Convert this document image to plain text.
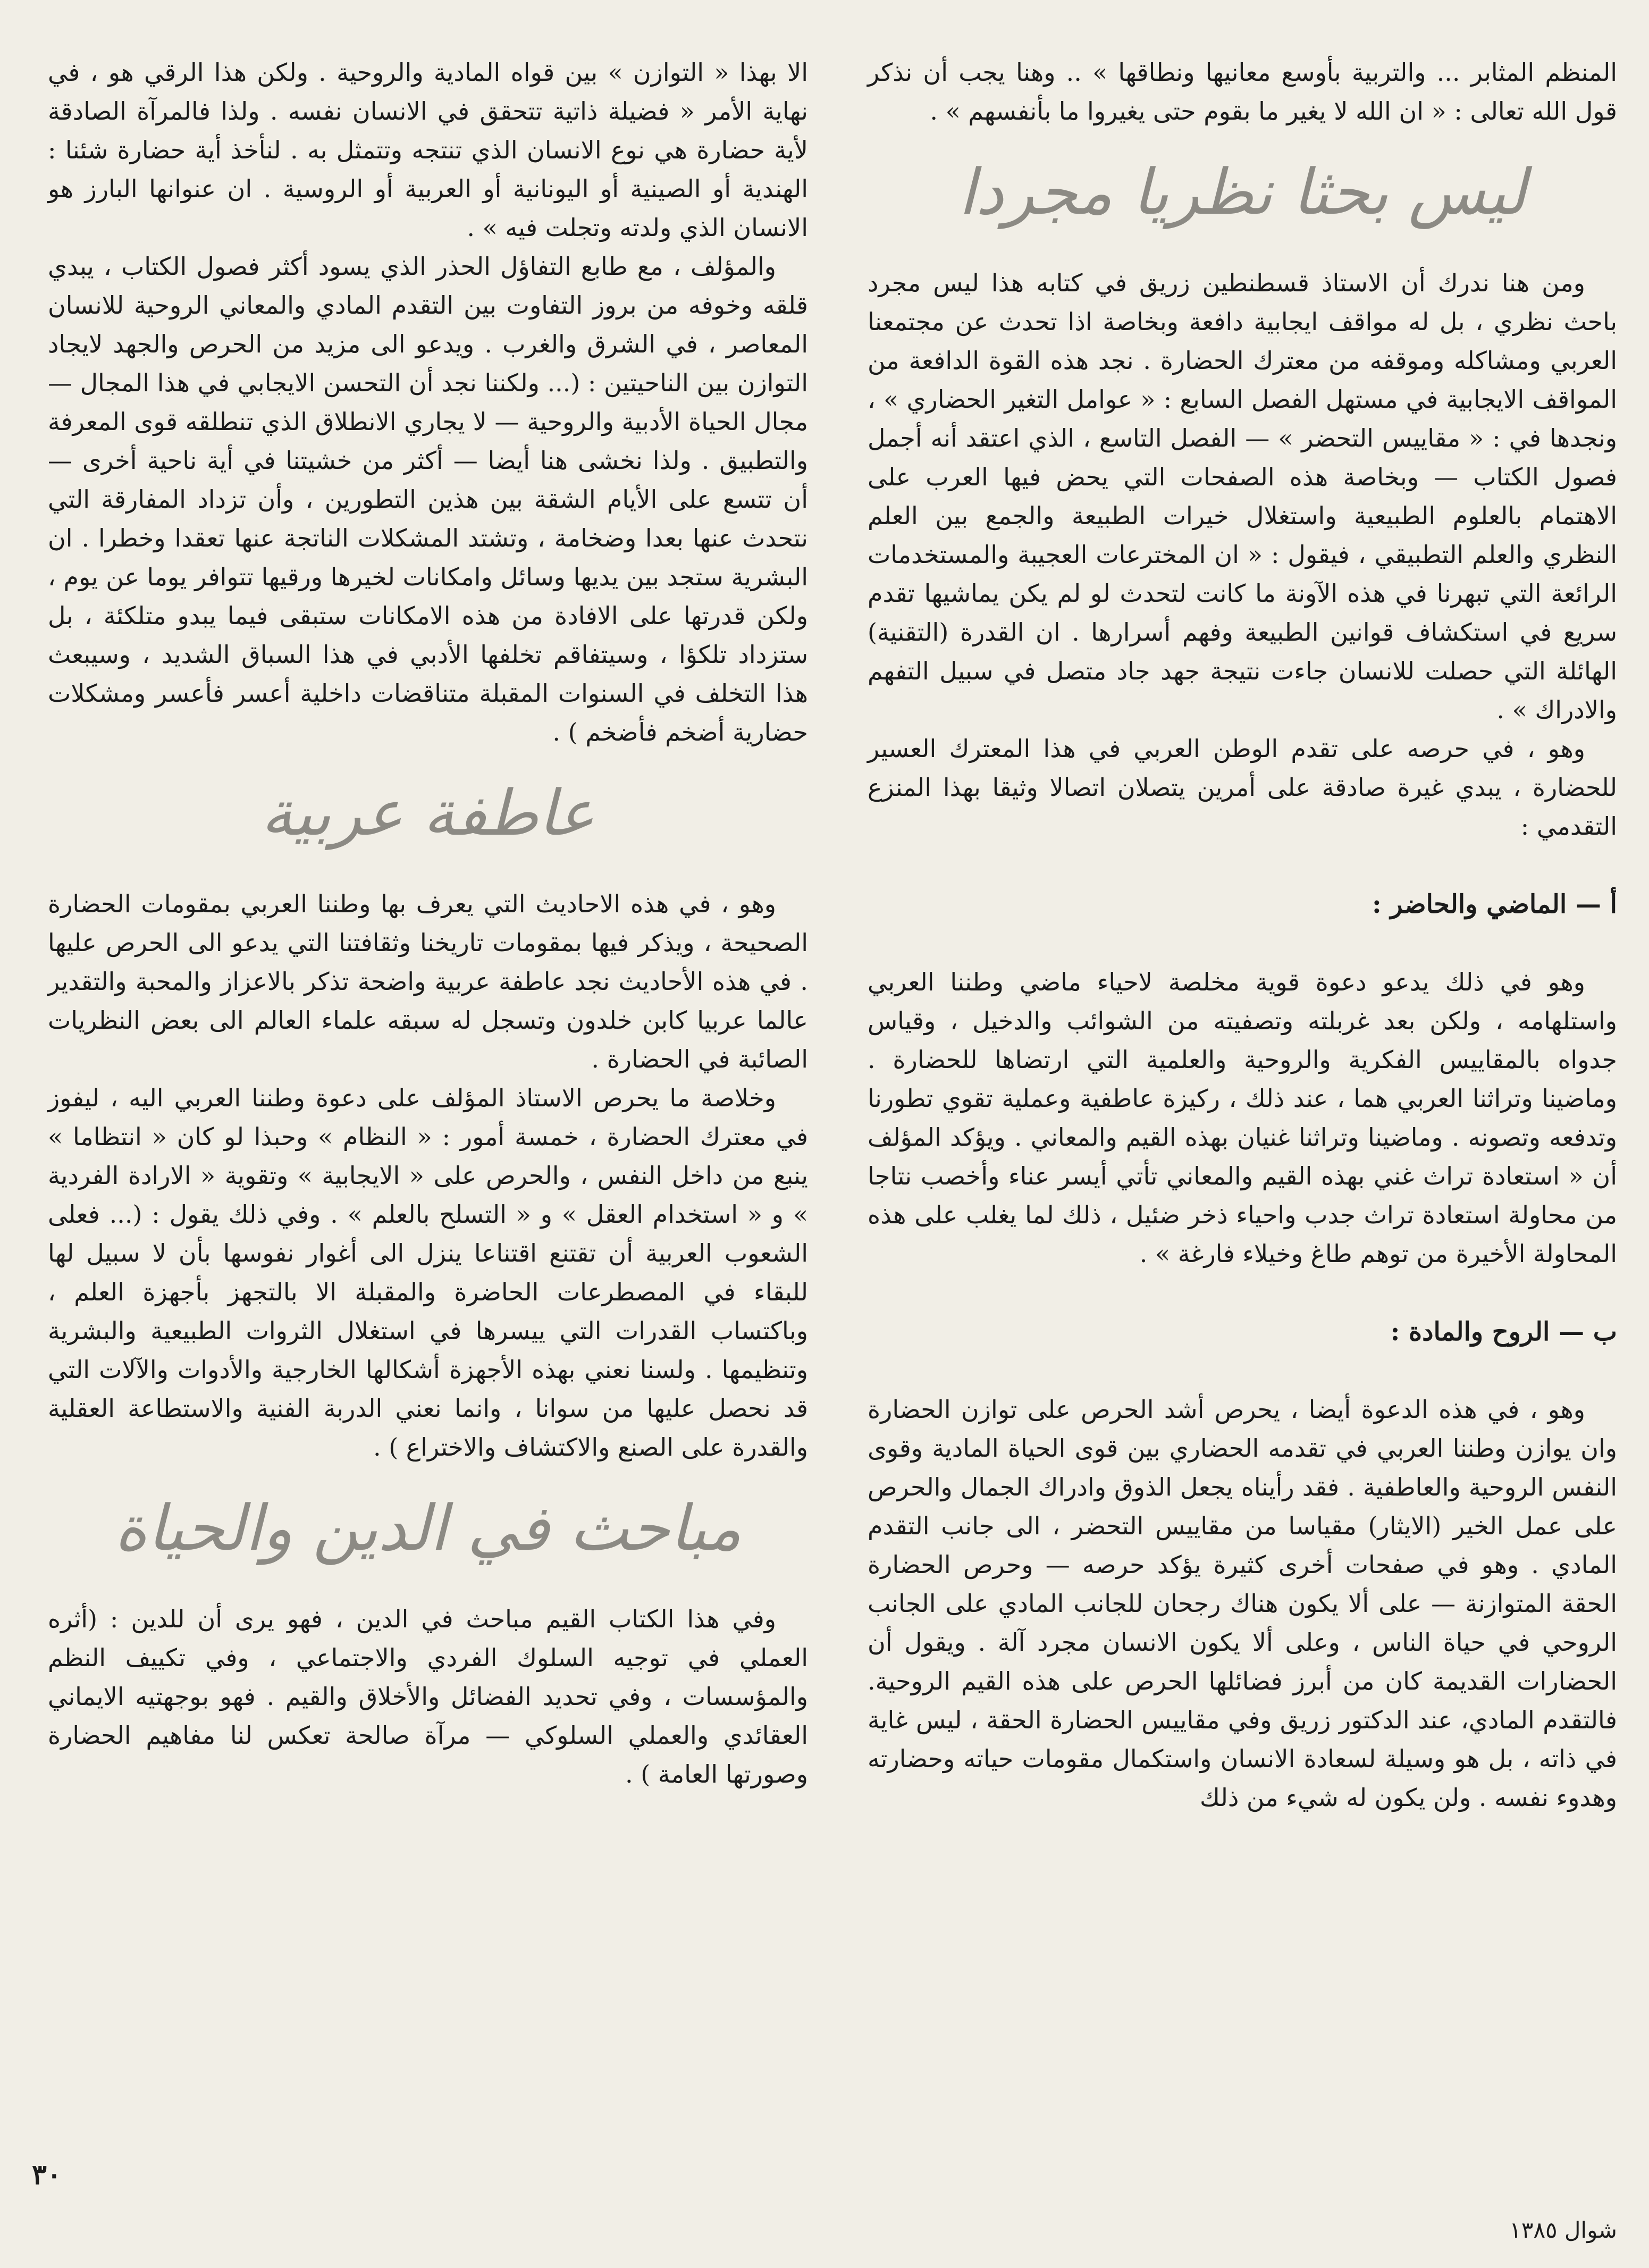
المنظم المثابر ... والتربية بأوسع معانيها ونطاقها » .. وهنا يجب أن نذكر قول الله تعالى : « ان الله لا يغير ما بقوم حتى يغيروا ما بأنفسهم » .

ليس بحثا نظريا مجردا

ومن هنا ندرك أن الاستاذ قسطنطين زريق في كتابه هذا ليس مجرد باحث نظري ، بل له مواقف ايجابية دافعة وبخاصة اذا تحدث عن مجتمعنا العربي ومشاكله وموقفه من معترك الحضارة . نجد هذه القوة الدافعة من المواقف الايجابية في مستهل الفصل السابع : « عوامل التغير الحضاري » ، ونجدها في : « مقاييس التحضر » — الفصل التاسع ، الذي اعتقد أنه أجمل فصول الكتاب — وبخاصة هذه الصفحات التي يحض فيها العرب على الاهتمام بالعلوم الطبيعية واستغلال خيرات الطبيعة والجمع بين العلم النظري والعلم التطبيقي ، فيقول : « ان المخترعات العجيبة والمستخدمات الرائعة التي تبهرنا في هذه الآونة ما كانت لتحدث لو لم يكن يماشيها تقدم سريع في استكشاف قوانين الطبيعة وفهم أسرارها . ان القدرة (التقنية) الهائلة التي حصلت للانسان جاءت نتيجة جهد جاد متصل في سبيل التفهم والادراك » .

وهو ، في حرصه على تقدم الوطن العربي في هذا المعترك العسير للحضارة ، يبدي غيرة صادقة على أمرين يتصلان اتصالا وثيقا بهذا المنزع التقدمي :

أ — الماضي والحاضر :

وهو في ذلك يدعو دعوة قوية مخلصة لاحياء ماضي وطننا العربي واستلهامه ، ولكن بعد غربلته وتصفيته من الشوائب والدخيل ، وقياس جدواه بالمقاييس الفكرية والروحية والعلمية التي ارتضاها للحضارة . وماضينا وتراثنا العربي هما ، عند ذلك ، ركيزة عاطفية وعملية تقوي تطورنا وتدفعه وتصونه . وماضينا وتراثنا غنيان بهذه القيم والمعاني . ويؤكد المؤلف أن « استعادة تراث غني بهذه القيم والمعاني تأتي أيسر عناء وأخصب نتاجا من محاولة استعادة تراث جدب واحياء ذخر ضئيل ، ذلك لما يغلب على هذه المحاولة الأخيرة من توهم طاغ وخيلاء فارغة » .

ب — الروح والمادة :

وهو ، في هذه الدعوة أيضا ، يحرص أشد الحرص على توازن الحضارة وان يوازن وطننا العربي في تقدمه الحضاري بين قوى الحياة المادية وقوى النفس الروحية والعاطفية . فقد رأيناه يجعل الذوق وادراك الجمال والحرص على عمل الخير (الايثار) مقياسا من مقاييس التحضر ، الى جانب التقدم المادي . وهو في صفحات أخرى كثيرة يؤكد حرصه — وحرص الحضارة الحقة المتوازنة — على ألا يكون هناك رجحان للجانب المادي على الجانب الروحي في حياة الناس ، وعلى ألا يكون الانسان مجرد آلة . ويقول أن الحضارات القديمة كان من أبرز فضائلها الحرص على هذه القيم الروحية. فالتقدم المادي، عند الدكتور زريق وفي مقاييس الحضارة الحقة ، ليس غاية في ذاته ، بل هو وسيلة لسعادة الانسان واستكمال مقومات حياته وحضارته وهدوء نفسه . ولن يكون له شيء من ذلك

الا بهذا « التوازن » بين قواه المادية والروحية . ولكن هذا الرقي هو ، في نهاية الأمر « فضيلة ذاتية تتحقق في الانسان نفسه . ولذا فالمرآة الصادقة لأية حضارة هي نوع الانسان الذي تنتجه وتتمثل به . لنأخذ أية حضارة شئنا : الهندية أو الصينية أو اليونانية أو العربية أو الروسية . ان عنوانها البارز هو الانسان الذي ولدته وتجلت فيه » .

والمؤلف ، مع طابع التفاؤل الحذر الذي يسود أكثر فصول الكتاب ، يبدي قلقه وخوفه من بروز التفاوت بين التقدم المادي والمعاني الروحية للانسان المعاصر ، في الشرق والغرب . ويدعو الى مزيد من الحرص والجهد لايجاد التوازن بين الناحيتين : (... ولكننا نجد أن التحسن الايجابي في هذا المجال — مجال الحياة الأدبية والروحية — لا يجاري الانطلاق الذي تنطلقه قوى المعرفة والتطبيق . ولذا نخشى هنا أيضا — أكثر من خشيتنا في أية ناحية أخرى — أن تتسع على الأيام الشقة بين هذين التطورين ، وأن تزداد المفارقة التي نتحدث عنها بعدا وضخامة ، وتشتد المشكلات الناتجة عنها تعقدا وخطرا . ان البشرية ستجد بين يديها وسائل وامكانات لخيرها ورقيها تتوافر يوما عن يوم ، ولكن قدرتها على الافادة من هذه الامكانات ستبقى فيما يبدو متلكئة ، بل ستزداد تلكؤا ، وسيتفاقم تخلفها الأدبي في هذا السباق الشديد ، وسيبعث هذا التخلف في السنوات المقبلة متناقضات داخلية أعسر فأعسر ومشكلات حضارية أضخم فأضخم ) .

عاطفة عربية

وهو ، في هذه الاحاديث التي يعرف بها وطننا العربي بمقومات الحضارة الصحيحة ، ويذكر فيها بمقومات تاريخنا وثقافتنا التي يدعو الى الحرص عليها . في هذه الأحاديث نجد عاطفة عربية واضحة تذكر بالاعزاز والمحبة والتقدير عالما عربيا كابن خلدون وتسجل له سبقه علماء العالم الى بعض النظريات الصائبة في الحضارة .

وخلاصة ما يحرص الاستاذ المؤلف على دعوة وطننا العربي اليه ، ليفوز في معترك الحضارة ، خمسة أمور : « النظام » وحبذا لو كان « انتظاما » ينبع من داخل النفس ، والحرص على « الايجابية » وتقوية « الارادة الفردية » و « استخدام العقل » و « التسلح بالعلم » . وفي ذلك يقول : (... فعلى الشعوب العربية أن تقتنع اقتناعا ينزل الى أغوار نفوسها بأن لا سبيل لها للبقاء في المصطرعات الحاضرة والمقبلة الا بالتجهز بأجهزة العلم ، وباكتساب القدرات التي ييسرها في استغلال الثروات الطبيعية والبشرية وتنظيمها . ولسنا نعني بهذه الأجهزة أشكالها الخارجية والأدوات والآلات التي قد نحصل عليها من سوانا ، وانما نعني الدربة الفنية والاستطاعة العقلية والقدرة على الصنع والاكتشاف والاختراع ) .

مباحث في الدين والحياة

وفي هذا الكتاب القيم مباحث في الدين ، فهو يرى أن للدين : (أثره العملي في توجيه السلوك الفردي والاجتماعي ، وفي تكييف النظم والمؤسسات ، وفي تحديد الفضائل والأخلاق والقيم . فهو بوجهتيه الايماني العقائدي والعملي السلوكي — مرآة صالحة تعكس لنا مفاهيم الحضارة وصورتها العامة ) .

٣٠
شوال ١٣٨٥
